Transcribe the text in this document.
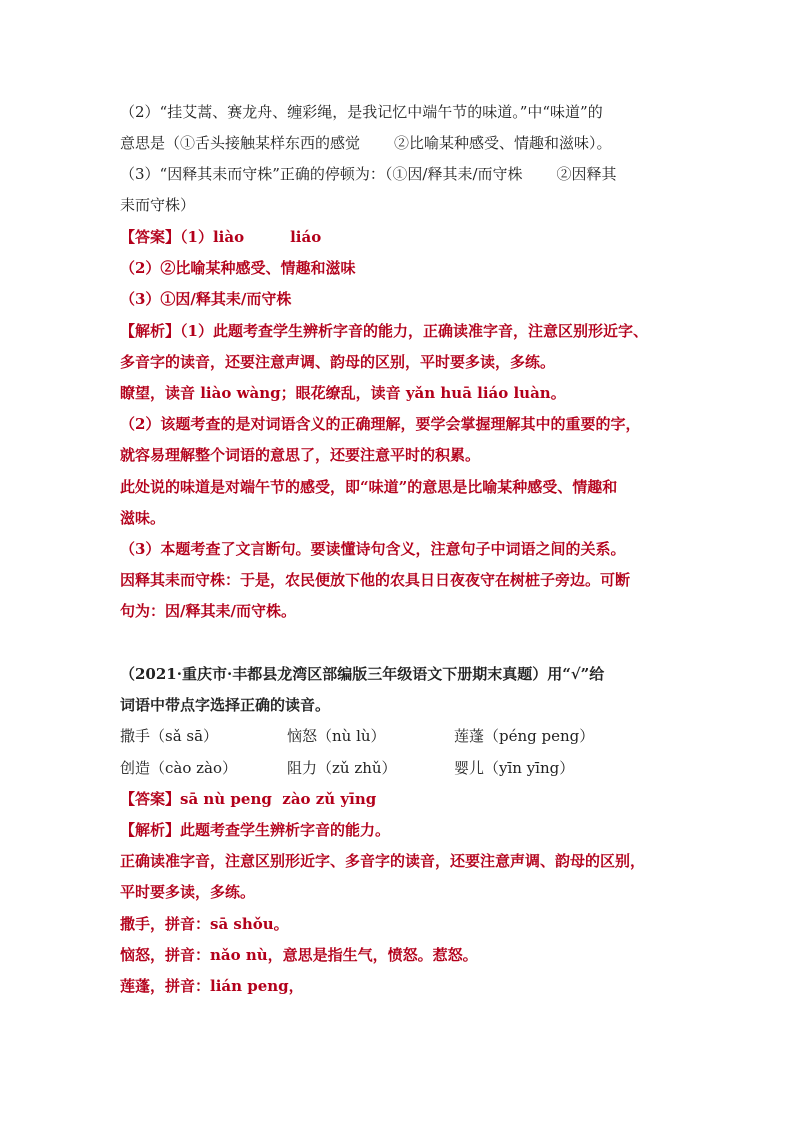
（2）“挂艾蒿、赛龙舟、缠彩绳，是我记忆中端午节的味道。”中“味道”的
意思是（①舌头接触某样东西的感觉 ②比喻某种感受、情趣和滋味）。
（3）“因释其耒而守株”正确的停顿为：（①因/释其耒/而守株 ②因释其
耒而守株）
【答案】（1）liào	liáo
（2）②比喻某种感受、情趣和滋味
（3）①因/释其耒/而守株
【解析】（1）此题考查学生辨析字音的能力，正确读准字音，注意区别形近字、
多音字的读音，还要注意声调、韵母的区别，平时要多读，多练。
瞭望，读音 liào wàng；眼花缭乱，读音 yǎn huā liáo luàn。
（2）该题考查的是对词语含义的正确理解，要学会掌握理解其中的重要的字，
就容易理解整个词语的意思了，还要注意平时的积累。
此处说的味道是对端午节的感受，即“味道”的意思是比喻某种感受、情趣和
滋味。
（3）本题考查了文言断句。要读懂诗句含义，注意句子中词语之间的关系。
因释其耒而守株：于是，农民便放下他的农具日日夜夜守在树桩子旁边。可断
句为：因/释其耒/而守株。
（2021·重庆市·丰都县龙湾区部编版三年级语文下册期末真题）用“√”给
词语中带点字选择正确的读音。
撒手（sǎ sā）	恼怒（nù lù）	莲蓬（péng peng）
创造（cào zào）	阻力（zǔ zhǔ）	婴儿（yīn yīng）
【答案】sā nù peng  zào zǔ yīng
【解析】此题考查学生辨析字音的能力。
正确读准字音，注意区别形近字、多音字的读音，还要注意声调、韵母的区别，
平时要多读，多练。
撒手，拼音：sā shǒu。
恼怒，拼音：nǎo nù，意思是指生气，愤怒。惹怒。
莲蓬，拼音：lián peng，
